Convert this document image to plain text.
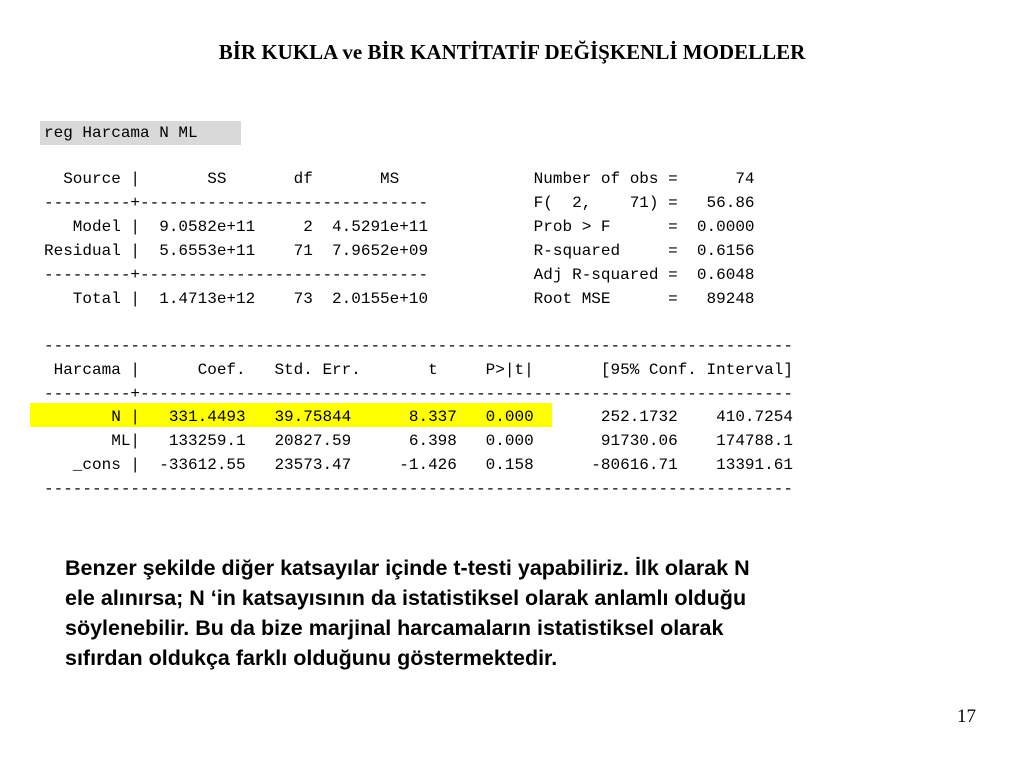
BİR KUKLA ve BİR KANTİTATİF DEĞİŞKENLİ MODELLER
reg Harcama N ML
Source |       SS       df       MS              Number of obs =      74
---------+------------------------------           F(  2,    71) =   56.86
Model |  9.0582e+11     2  4.5291e+11           Prob > F      =  0.0000
Residual |  5.6553e+11    71  7.9652e+09           R-squared     =  0.6156
---------+------------------------------           Adj R-squared =  0.6048
Total |  1.4713e+12    73  2.0155e+10           Root MSE      =   89248
------------------------------------------------------------------------------
Harcama |      Coef.   Std. Err.       t     P>|t|       [95% Conf. Interval]
---------+--------------------------------------------------------------------
N |   331.4493   39.75844      8.337   0.000       252.1732    410.7254
ML|   133259.1   20827.59      6.398   0.000       91730.06    174788.1
_cons |  -33612.55   23573.47     -1.426   0.158      -80616.71    13391.61
------------------------------------------------------------------------------
Benzer şekilde diğer katsayılar içinde t-testi yapabiliriz. İlk olarak N
ele alınırsa; N ‘in katsayısının da istatistiksel olarak anlamlı olduğu
söylenebilir. Bu da bize marjinal harcamaların istatistiksel olarak
sıfırdan oldukça farklı olduğunu göstermektedir.
17
